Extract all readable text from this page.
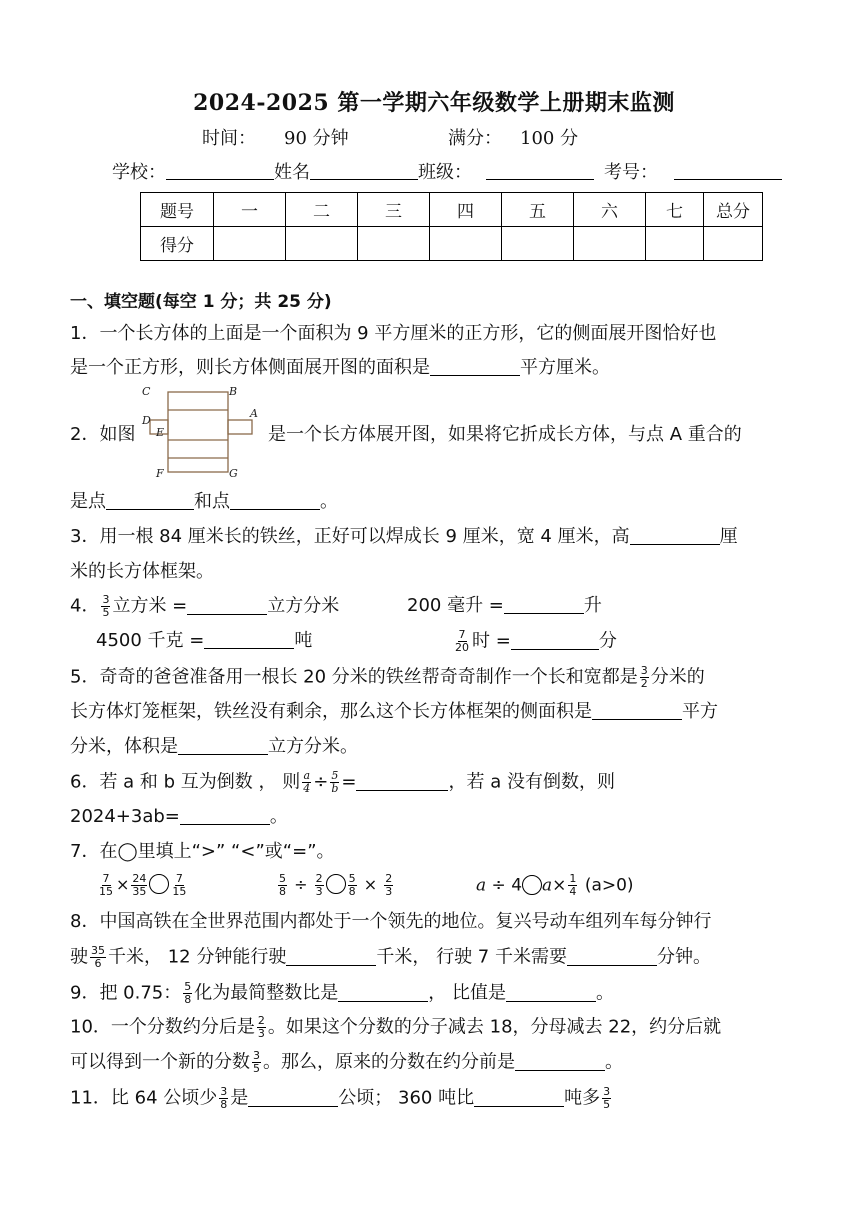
2024-2025 第一学期六年级数学上册期末监测
时间： 90 分钟	满分： 100 分
学校：	姓名	班级：	考号：
题号	一	二	三	四	五	六	七	总分
得分								
一、填空题(每空 1 分；共 25 分)
1．一个长方体的上面是一个面积为 9 平方厘米的正方形，它的侧面展开图恰好也
是一个正方形，则长方体侧面展开图的面积是	平方厘米。
C	B
D
E
A
F	G
2．如图	是一个长方体展开图，如果将它折成长方体，与点 A 重合的
是点	和点	。
3．用一根 84 厘米长的铁丝，正好可以焊成长 9 厘米，宽 4 厘米，高	厘
米的长方体框架。
4． $\frac{3}{5}$ 立方米 =	立方分米	200 毫升 =	升
4500 千克 =	吨	$\frac{7}{20}$ 时 =	分
5．奇奇的爸爸准备用一根长 20 分米的铁丝帮奇奇制作一个长和宽都是 $\frac{3}{2}$ 分米的
长方体灯笼框架，铁丝没有剩余，那么这个长方体框架的侧面积是	平方
分米，体积是	立方分米。
6．若 a 和 b 互为倒数 ， 则 $\frac{a}{4} \div \frac{5}{b}$ =	，若 a 没有倒数，则
2024+3ab=	。
7．在◯里填上“>” “<”或“=”。
$\frac{7}{15} \times \frac{24}{35} \frac{7}{15}$	$\frac{5}{8} \div \frac{2}{3} \frac{5}{8} \times \frac{2}{3}$	a ÷ 4 $a\times \frac{1}{4} (a>0)$
8．中国高铁在全世界范围内都处于一个领先的地位。复兴号动车组列车每分钟行
驶 $\frac{35}{6}$ 千米， 12 分钟能行驶	千米， 行驶 7 千米需要	分钟。
9．把 0.75： $\frac{5}{8}$ 化为最简整数比是	， 比值是	。
10．一个分数约分后是 $\frac{2}{3}$ 。如果这个分数的分子减去 18，分母减去 22，约分后就
可以得到一个新的分数 $\frac{3}{5}$ 。那么，原来的分数在约分前是	。
11．比 64 公顷少 $\frac{3}{8}$ 是	公顷； 360 吨比	吨多 $\frac{3}{5}$
